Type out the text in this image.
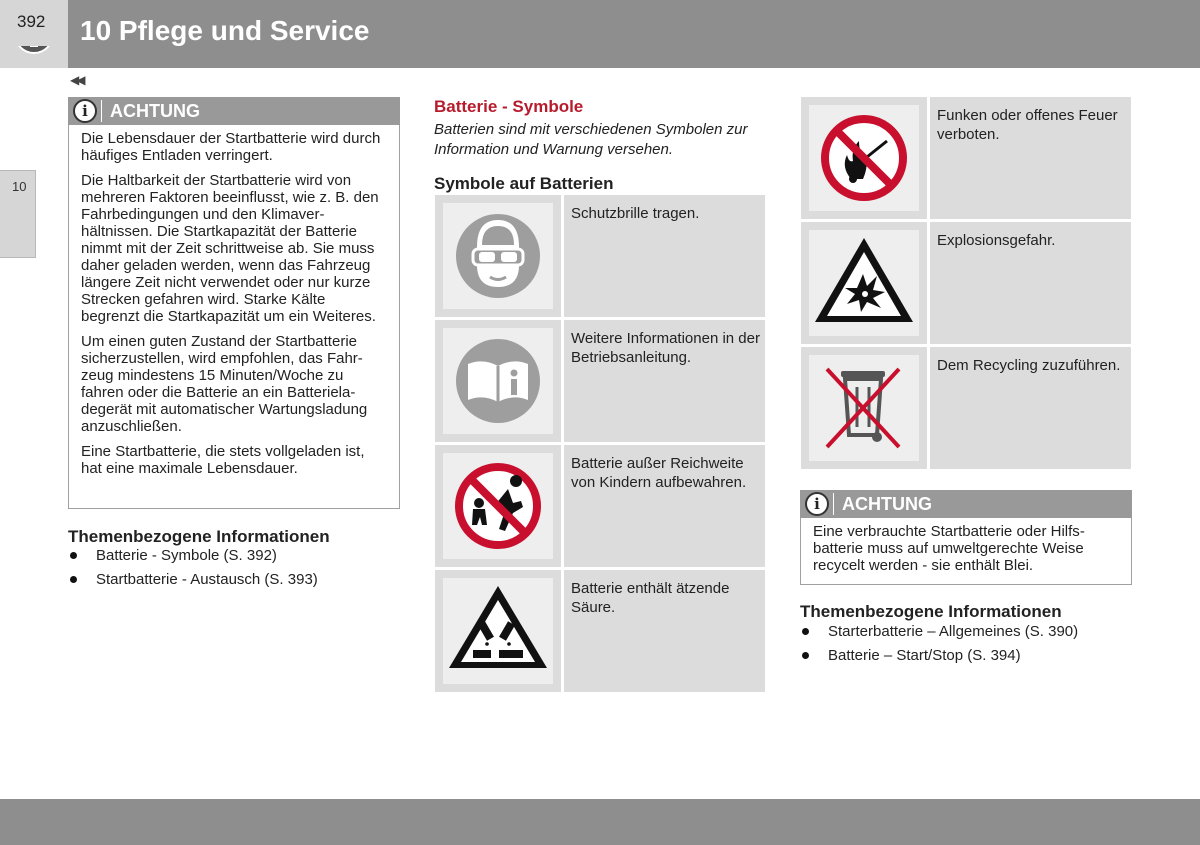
10 Pflege und Service
10
◀◀
i	ACHTUNG

Die Lebensdauer der Startbatterie wird durch häufiges Entladen verringert.

Die Haltbarkeit der Startbatterie wird von mehreren Faktoren beeinflusst, wie z. B. den Fahrbedingungen und den Klimaverhältnissen. Die Startkapazität der Batterie nimmt mit der Zeit schrittweise ab. Sie muss daher geladen werden, wenn das Fahrzeug längere Zeit nicht verwendet oder nur kurze Strecken gefahren wird. Starke Kälte begrenzt die Startkapazität um ein Weiteres.

Um einen guten Zustand der Startbatterie sicherzustellen, wird empfohlen, das Fahrzeug mindestens 15 Minuten/Woche zu fahren oder die Batterie an ein Batterieladegerät mit automatischer Wartungsladung anzuschließen.

Eine Startbatterie, die stets vollgeladen ist, hat eine maximale Lebensdauer.

Themenbezogene Informationen
Batterie - Symbole (S. 392)
Startbatterie - Austausch (S. 393)
Batterie - Symbole
Batterien sind mit verschiedenen Symbolen zur Information und Warnung versehen.
Symbole auf Batterien
Schutzbrille tragen.
Weitere Informationen in der Betriebsanleitung.
Batterie außer Reichweite von Kindern aufbewahren.
Batterie enthält ätzende Säure.
Funken oder offenes Feuer verboten.
Explosionsgefahr.
Dem Recycling zuzuführen.
i	ACHTUNG

Eine verbrauchte Startbatterie oder Hilfsbatterie muss auf umweltgerechte Weise recycelt werden - sie enthält Blei.

Themenbezogene Informationen
Starterbatterie – Allgemeines (S. 390)
Batterie – Start/Stop (S. 394)
392
